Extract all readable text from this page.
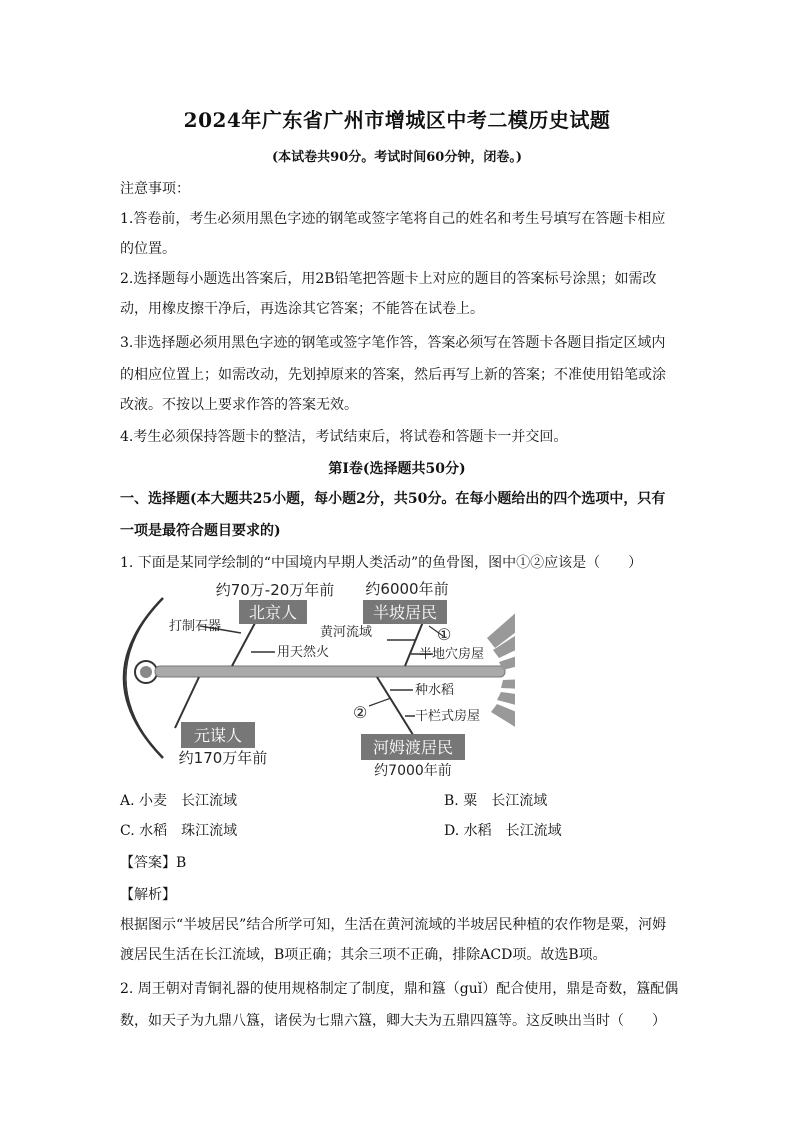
2024年广东省广州市增城区中考二模历史试题
(本试卷共90分。考试时间60分钟，闭卷。)
注意事项：
1.答卷前，考生必须用黑色字迹的钢笔或签字笔将自己的姓名和考生号填写在答题卡相应
的位置。
2.选择题每小题选出答案后，用2B铅笔把答题卡上对应的题目的答案标号涂黑；如需改
动，用橡皮擦干净后，再选涂其它答案；不能答在试卷上。
3.非选择题必须用黑色字迹的钢笔或签字笔作答，答案必须写在答题卡各题目指定区域内
的相应位置上；如需改动，先划掉原来的答案，然后再写上新的答案；不准使用铅笔或涂
改液。不按以上要求作答的答案无效。
4.考生必须保持答题卡的整洁，考试结束后，将试卷和答题卡一并交回。
第Ⅰ卷(选择题共50分)
一、选择题(本大题共25小题，每小题2分，共50分。在每小题给出的四个选项中，只有
一项是最符合题目要求的)
1. 下面是某同学绘制的“中国境内早期人类活动”的鱼骨图，图中①②应该是（　　）
北京人
约70万-20万年前
打制石器
用天然火
半坡居民
约6000年前
黄河流域	①
半地穴房屋
元谋人
约170万年前
种水稻
②	干栏式房屋
河姆渡居民
约7000年前
A. 小麦　长江流域	B. 粟　长江流域
C. 水稻　珠江流域	D. 水稻　长江流域
【答案】B
【解析】
根据图示“半坡居民”结合所学可知，生活在黄河流域的半坡居民种植的农作物是粟，河姆
渡居民生活在长江流域，B项正确；其余三项不正确，排除ACD项。故选B项。
2. 周王朝对青铜礼器的使用规格制定了制度，鼎和簋（guǐ）配合使用，鼎是奇数，簋配偶
数，如天子为九鼎八簋，诸侯为七鼎六簋，卿大夫为五鼎四簋等。这反映出当时（　　）
